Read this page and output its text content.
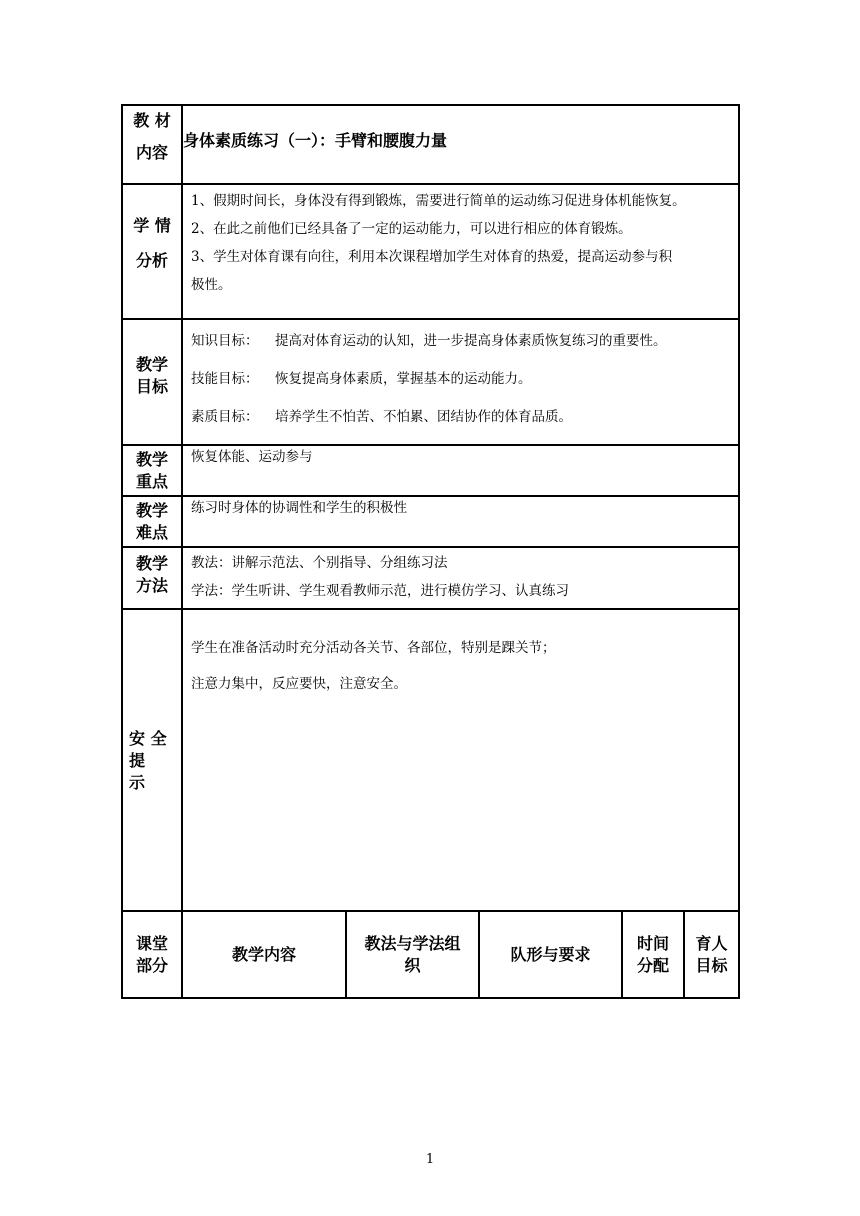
教 材
内容	身体素质练习（一）：手臂和腰腹力量				

学 情
分析	1、假期时间长，身体没有得到锻炼，需要进行简单的运动练习促进身体机能恢复。
2、在此之前他们已经具备了一定的运动能力，可以进行相应的体育锻炼。
3、学生对体育课有向往，利用本次课程增加学生对体育的热爱，提高运动参与积
极性。				

教学
目标	知识目标： 提高对体育运动的认知，进一步提高身体素质恢复练习的重要性。
技能目标： 恢复提高身体素质，掌握基本的运动能力。
素质目标： 培养学生不怕苦、不怕累、团结协作的体育品质。				

教学
重点	恢复体能、运动参与				

教学
难点	练习时身体的协调性和学生的积极性				

教学
方法	教法：讲解示范法、个别指导、分组练习法
学法：学生听讲、学生观看教师示范，进行模仿学习、认真练习				

安 全
提
示	学生在准备活动时充分活动各关节、各部位，特别是踝关节；
注意力集中，反应要快，注意安全。				

课堂
部分	教学内容	教法与学法组
织	队形与要求	时间
分配	育人
目标
1
